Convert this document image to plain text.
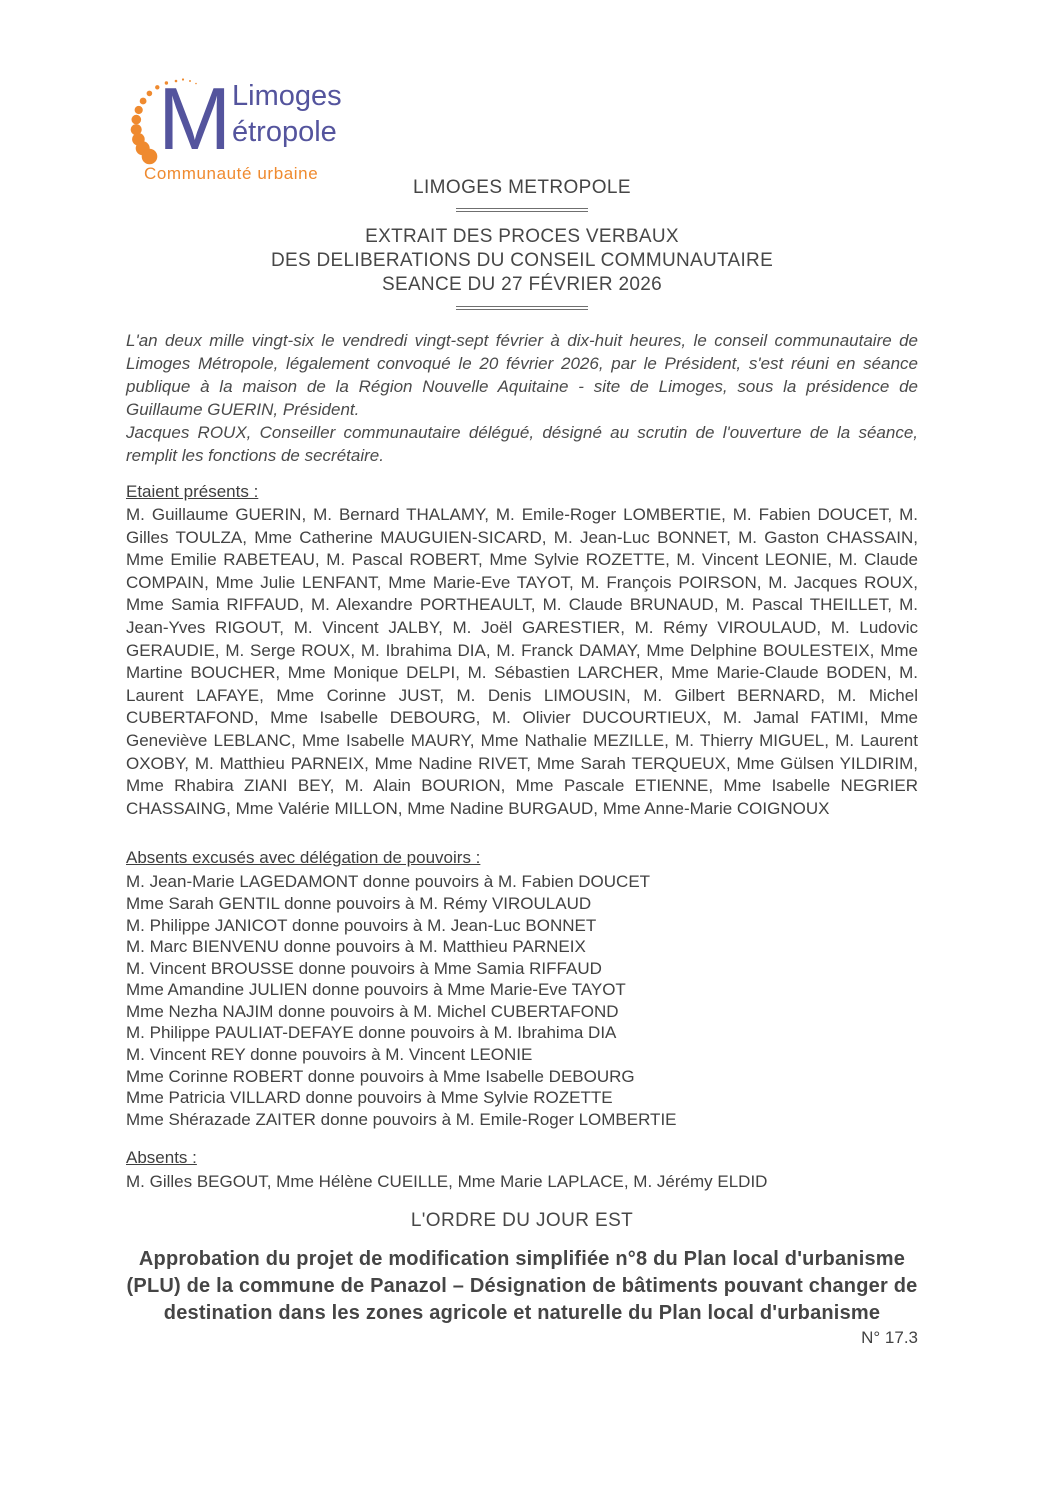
M Limoges
étropole
Communauté urbaine
LIMOGES METROPOLE
EXTRAIT DES PROCES VERBAUX
DES DELIBERATIONS DU CONSEIL COMMUNAUTAIRE
SEANCE DU 27 FÉVRIER 2026

L'an deux mille vingt-six le vendredi vingt-sept février à dix-huit heures, le conseil communautaire de Limoges Métropole, légalement convoqué le 20 février 2026, par le Président, s'est réuni en séance publique à la maison de la Région Nouvelle Aquitaine - site de Limoges, sous la présidence de Guillaume GUERIN, Président.

Jacques ROUX, Conseiller communautaire délégué, désigné au scrutin de l'ouverture de la séance, remplit les fonctions de secrétaire.

Etaient présents :

M. Guillaume GUERIN, M. Bernard THALAMY, M. Emile-Roger LOMBERTIE, M. Fabien DOUCET, M. Gilles TOULZA, Mme Catherine MAUGUIEN-SICARD, M. Jean-Luc BONNET, M. Gaston CHASSAIN, Mme Emilie RABETEAU, M. Pascal ROBERT, Mme Sylvie ROZETTE, M. Vincent LEONIE, M. Claude COMPAIN, Mme Julie LENFANT, Mme Marie-Eve TAYOT, M. François POIRSON, M. Jacques ROUX, Mme Samia RIFFAUD, M. Alexandre PORTHEAULT, M. Claude BRUNAUD, M. Pascal THEILLET, M. Jean-Yves RIGOUT, M. Vincent JALBY, M. Joël GARESTIER, M. Rémy VIROULAUD, M. Ludovic GERAUDIE, M. Serge ROUX, M. Ibrahima DIA, M. Franck DAMAY, Mme Delphine BOULESTEIX, Mme Martine BOUCHER, Mme Monique DELPI, M. Sébastien LARCHER, Mme Marie-Claude BODEN, M. Laurent LAFAYE, Mme Corinne JUST, M. Denis LIMOUSIN, M. Gilbert BERNARD, M. Michel CUBERTAFOND, Mme Isabelle DEBOURG, M. Olivier DUCOURTIEUX, M. Jamal FATIMI, Mme Geneviève LEBLANC, Mme Isabelle MAURY, Mme Nathalie MEZILLE, M. Thierry MIGUEL, M. Laurent OXOBY, M. Matthieu PARNEIX, Mme Nadine RIVET, Mme Sarah TERQUEUX, Mme Gülsen YILDIRIM, Mme Rhabira ZIANI BEY, M. Alain BOURION, Mme Pascale ETIENNE, Mme Isabelle NEGRIER CHASSAING, Mme Valérie MILLON, Mme Nadine BURGAUD, Mme Anne-Marie COIGNOUX

Absents excusés avec délégation de pouvoirs :
M. Jean-Marie LAGEDAMONT donne pouvoirs à M. Fabien DOUCET
Mme Sarah GENTIL donne pouvoirs à M. Rémy VIROULAUD
M. Philippe JANICOT donne pouvoirs à M. Jean-Luc BONNET
M. Marc BIENVENU donne pouvoirs à M. Matthieu PARNEIX
M. Vincent BROUSSE donne pouvoirs à Mme Samia RIFFAUD
Mme Amandine JULIEN donne pouvoirs à Mme Marie-Eve TAYOT
Mme Nezha NAJIM donne pouvoirs à M. Michel CUBERTAFOND
M. Philippe PAULIAT-DEFAYE donne pouvoirs à M. Ibrahima DIA
M. Vincent REY donne pouvoirs à M. Vincent LEONIE
Mme Corinne ROBERT donne pouvoirs à Mme Isabelle DEBOURG
Mme Patricia VILLARD donne pouvoirs à Mme Sylvie ROZETTE
Mme Shérazade ZAITER donne pouvoirs à M. Emile-Roger LOMBERTIE
Absents :

M. Gilles BEGOUT, Mme Hélène CUEILLE, Mme Marie LAPLACE, M. Jérémy ELDID

L'ORDRE DU JOUR EST
Approbation du projet de modification simplifiée n°8 du Plan local d'urbanisme (PLU) de la commune de Panazol – Désignation de bâtiments pouvant changer de destination dans les zones agricole et naturelle du Plan local d'urbanisme
N° 17.3
